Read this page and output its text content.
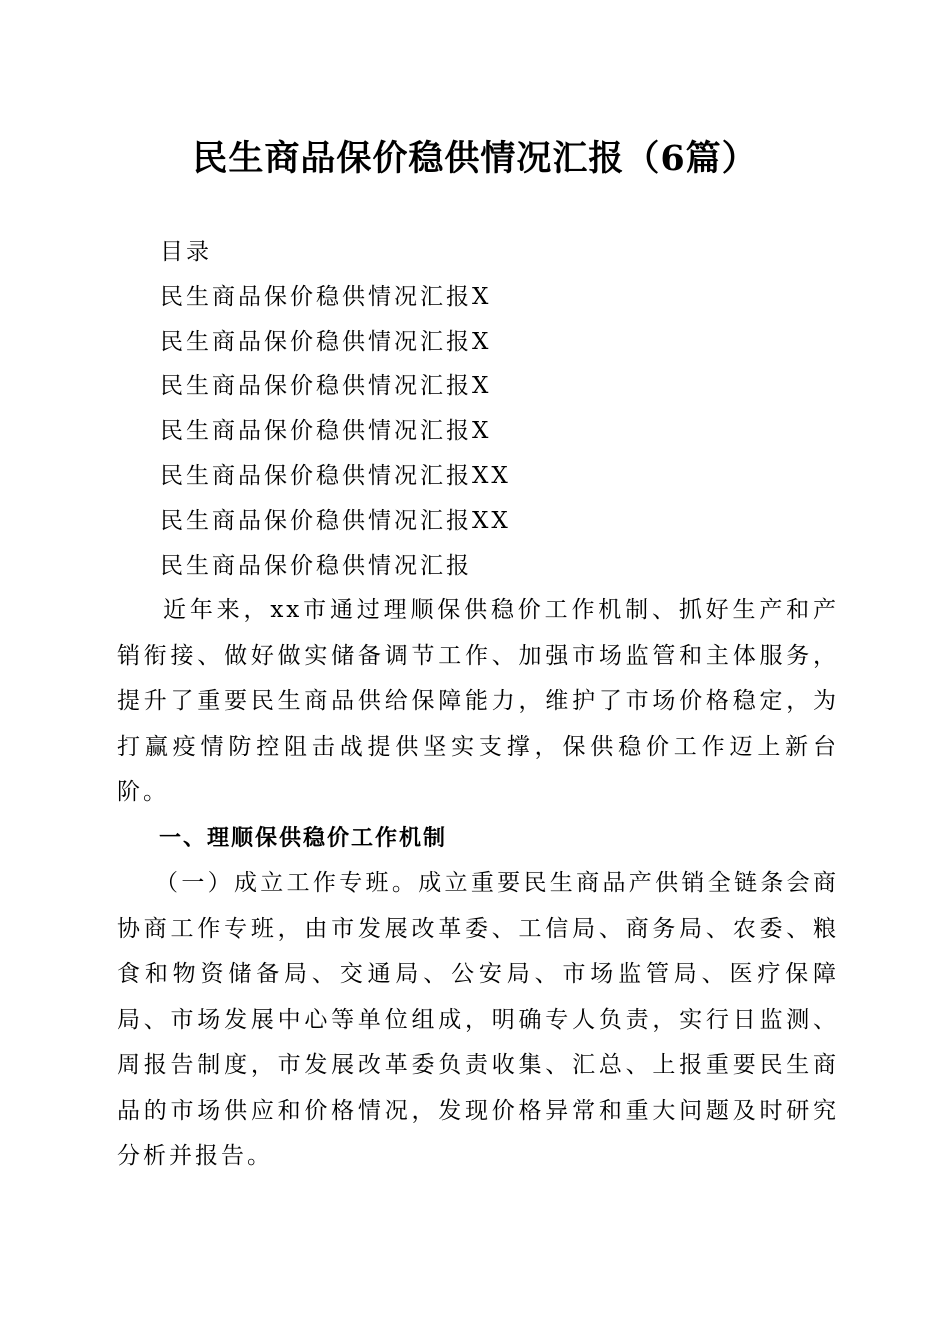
民生商品保价稳供情况汇报（6篇）
目录
民生商品保价稳供情况汇报X
民生商品保价稳供情况汇报X
民生商品保价稳供情况汇报X
民生商品保价稳供情况汇报X
民生商品保价稳供情况汇报XX
民生商品保价稳供情况汇报XX
民生商品保价稳供情况汇报

近年来，xx市通过理顺保供稳价工作机制、抓好生产和产销衔接、做好做实储备调节工作、加强市场监管和主体服务，提升了重要民生商品供给保障能力，维护了市场价格稳定，为打赢疫情防控阻击战提供坚实支撑，保供稳价工作迈上新台阶。

一、理顺保供稳价工作机制

（一）成立工作专班。成立重要民生商品产供销全链条会商协商工作专班，由市发展改革委、工信局、商务局、农委、粮食和物资储备局、交通局、公安局、市场监管局、医疗保障局、市场发展中心等单位组成，明确专人负责，实行日监测、周报告制度，市发展改革委负责收集、汇总、上报重要民生商品的市场供应和价格情况，发现价格异常和重大问题及时研究分析并报告。
